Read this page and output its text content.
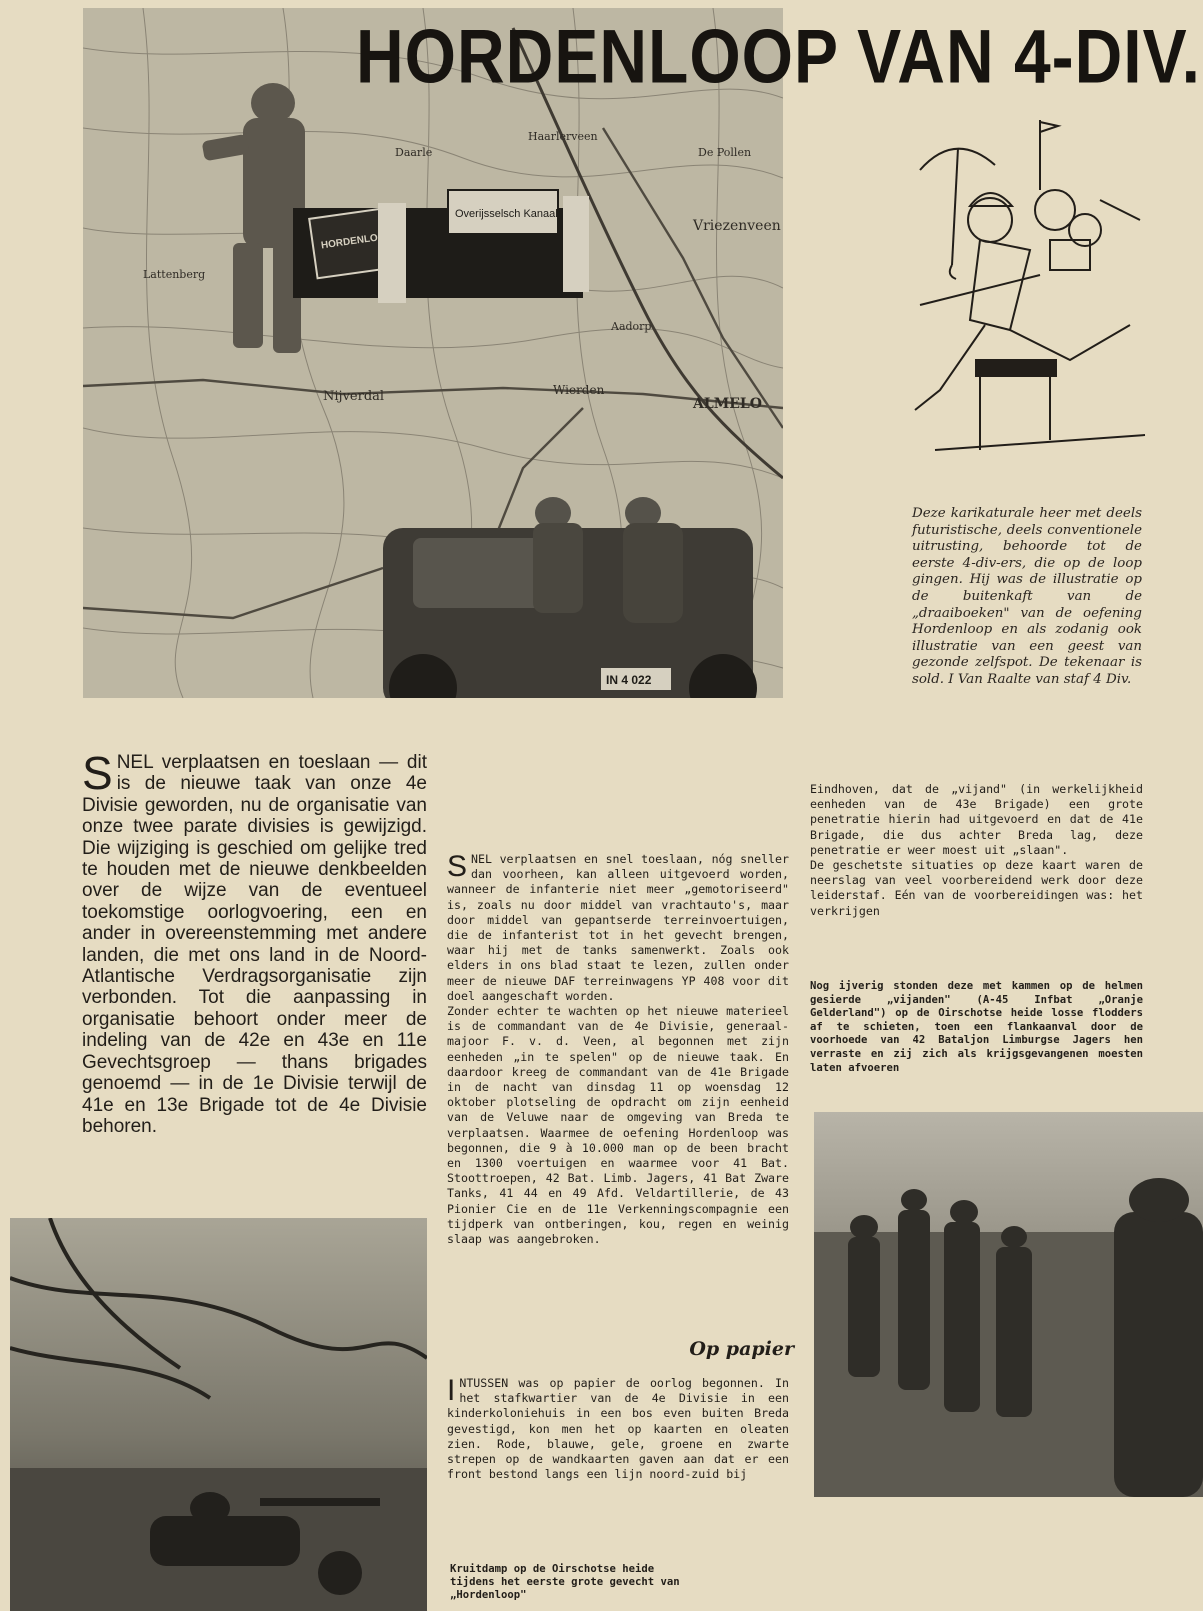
Daarle
Haarlerveen
De Pollen
Vriezenveen
Aadorp
Wierden
ALMELO
Nijverdal
Lattenberg
Overijsselsch Kanaal
HORDENLOOP
IN 4 022
HORDENLOOP VAN 4-DIV.
Deze karikaturale heer met deels futuristische, deels conventionele uitrusting, behoorde tot de eerste 4-div-ers, die op de loop gingen. Hij was de illustratie op de buitenkaft van de „draaiboeken" van de oefening Hordenloop en als zodanig ook illustratie van een geest van gezonde zelfspot. De tekenaar is sold. I Van Raalte van staf 4 Div.
S NEL verplaatsen en toeslaan — dit is de nieuwe taak van onze 4e Divisie geworden, nu de organisatie van onze twee parate divisies is gewijzigd. Die wijziging is geschied om gelijke tred te houden met de nieuwe denkbeelden over de wijze van de eventueel toekomstige oorlogvoering, een en ander in overeenstemming met andere landen, die met ons land in de Noord-Atlantische Verdragsorganisatie zijn verbonden. Tot die aanpassing in organisatie behoort onder meer de indeling van de 42e en 43e en 11e Gevechtsgroep — thans brigades genoemd — in de 1e Divisie terwijl de 41e en 13e Brigade tot de 4e Divisie behoren.

SNEL verplaatsen en snel toeslaan, nóg sneller dan voorheen, kan alleen uitgevoerd worden, wanneer de infanterie niet meer „gemotoriseerd" is, zoals nu door middel van vrachtauto's, maar door middel van gepantserde terreinvoertuigen, die de infanterist tot in het gevecht brengen, waar hij met de tanks samenwerkt. Zoals ook elders in ons blad staat te lezen, zullen onder meer de nieuwe DAF terreinwagens YP 408 voor dit doel aangeschaft worden.

Zonder echter te wachten op het nieuwe materieel is de commandant van de 4e Divisie, generaal-majoor F. v. d. Veen, al begonnen met zijn eenheden „in te spelen" op de nieuwe taak. En daardoor kreeg de commandant van de 41e Brigade in de nacht van dinsdag 11 op woensdag 12 oktober plotseling de opdracht om zijn eenheid van de Veluwe naar de omgeving van Breda te verplaatsen. Waarmee de oefening Hordenloop was begonnen, die 9 à 10.000 man op de been bracht en 1300 voertuigen en waarmee voor 41 Bat. Stoottroepen, 42 Bat. Limb. Jagers, 41 Bat Zware Tanks, 41 44 en 49 Afd. Veldartillerie, de 43 Pionier Cie en de 11e Verkenningscompagnie een tijdperk van ontberingen, kou, regen en weinig slaap was aangebroken.

Op papier
I NTUSSEN was op papier de oorlog begonnen. In het stafkwartier van de 4e Divisie in een kinderkoloniehuis in een bos even buiten Breda gevestigd, kon men het op kaarten en oleaten zien. Rode, blauwe, gele, groene en zwarte strepen op de wandkaarten gaven aan dat er een front bestond langs een lijn noord-zuid bij

Eindhoven, dat de „vijand" (in werkelijkheid eenheden van de 43e Brigade) een grote penetratie hierin had uitgevoerd en dat de 41e Brigade, die dus achter Breda lag, deze penetratie er weer moest uit „slaan".

De geschetste situaties op deze kaart waren de neerslag van veel voorbereidend werk door deze leiderstaf. Eén van de voorbereidingen was: het verkrijgen

Nog ijverig stonden deze met kammen op de helmen gesierde „vijanden" (A-45 Infbat „Oranje Gelderland") op de Oirschotse heide losse flodders af te schieten, toen een flankaanval door de voorhoede van 42 Bataljon Limburgse Jagers hen verraste en zij zich als krijgsgevangenen moesten laten afvoeren
Kruitdamp op de Oirschotse heide tijdens het eerste grote gevecht van „Hordenloop"
